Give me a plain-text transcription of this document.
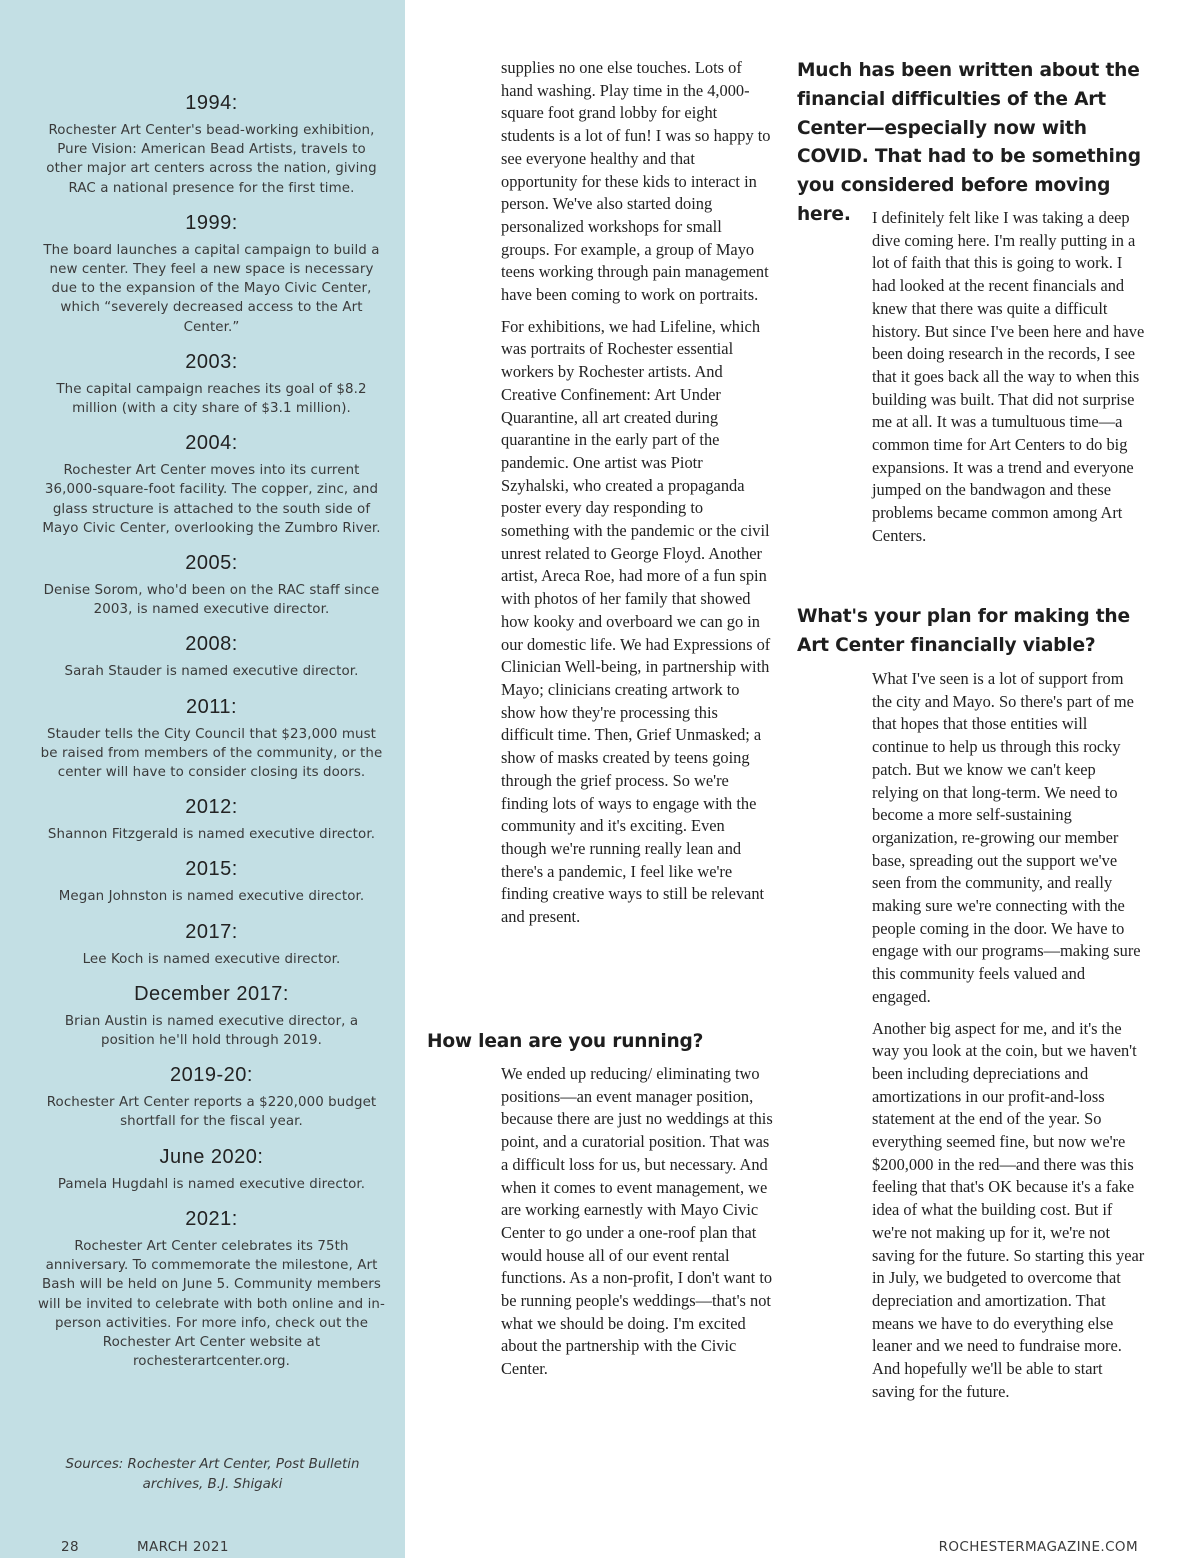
1994:
Rochester Art Center's bead-working exhibition, Pure Vision: American Bead Artists, travels to other major art centers across the nation, giving RAC a national presence for the first time.
1999:
The board launches a capital campaign to build a new center. They feel a new space is necessary due to the expansion of the Mayo Civic Center, which “severely decreased access to the Art Center.”
2003:
The capital campaign reaches its goal of $8.2 million (with a city share of $3.1 million).
2004:
Rochester Art Center moves into its current 36,000-square-foot facility. The copper, zinc, and glass structure is attached to the south side of Mayo Civic Center, overlooking the Zumbro River.
2005:
Denise Sorom, who'd been on the RAC staff since 2003, is named executive director.
2008:
Sarah Stauder is named executive director.
2011:
Stauder tells the City Council that $23,000 must be raised from members of the community, or the center will have to consider closing its doors.
2012:
Shannon Fitzgerald is named executive director.
2015:
Megan Johnston is named executive director.
2017:
Lee Koch is named executive director.
December 2017:
Brian Austin is named executive director, a position he'll hold through 2019.
2019-20:
Rochester Art Center reports a $220,000 budget shortfall for the fiscal year.
June 2020:
Pamela Hugdahl is named executive director.
2021:
Rochester Art Center celebrates its 75th anniversary. To commemorate the milestone, Art Bash will be held on June 5. Community members will be invited to celebrate with both online and in-person activities. For more info, check out the Rochester Art Center website at rochesterartcenter.org.
Sources: Rochester Art Center, Post Bulletin archives, B.J. Shigaki
28	MARCH 2021	ROCHESTERMAGAZINE.COM

supplies no one else touches. Lots of hand washing. Play time in the 4,000-square foot grand lobby for eight students is a lot of fun! I was so happy to see everyone healthy and that opportunity for these kids to interact in person. We've also started doing personalized workshops for small groups. For example, a group of Mayo teens working through pain management have been coming to work on portraits.

For exhibitions, we had Lifeline, which was portraits of Rochester essential workers by Rochester artists. And Creative Confinement: Art Under Quarantine, all art created during quarantine in the early part of the pandemic. One artist was Piotr Szyhalski, who created a propaganda poster every day responding to something with the pandemic or the civil unrest related to George Floyd. Another artist, Areca Roe, had more of a fun spin with photos of her family that showed how kooky and overboard we can go in our domestic life. We had Expressions of Clinician Well-being, in partnership with Mayo; clinicians creating artwork to show how they're processing this difficult time. Then, Grief Unmasked; a show of masks created by teens going through the grief process. So we're finding lots of ways to engage with the community and it's exciting. Even though we're running really lean and there's a pandemic, I feel like we're finding creative ways to still be relevant and present.

How lean are you running?

We ended up reducing/ eliminating two positions—an event manager position, because there are just no weddings at this point, and a curatorial position. That was a difficult loss for us, but necessary. And when it comes to event management, we are working earnestly with Mayo Civic Center to go under a one-roof plan that would house all of our event rental functions. As a non-profit, I don't want to be running people's weddings—that's not what we should be doing. I'm excited about the partnership with the Civic Center.

Much has been written about the financial difficulties of the Art Center—especially now with COVID. That had to be something you considered before moving here.	I definitely felt like I was taking a deep dive coming here. I'm really putting in a lot of faith that this is going to work. I had looked at the recent financials and knew that there was quite a difficult history. But since I've been here and have been doing research in the records, I see that it goes back all the way to when this building was built. That did not surprise me at all. It was a tumultuous time—a common time for Art Centers to do big expansions. It was a trend and everyone jumped on the bandwagon and these problems became common among Art Centers.

What's your plan for making the Art Center financially viable?

What I've seen is a lot of support from the city and Mayo. So there's part of me that hopes that those entities will continue to help us through this rocky patch. But we know we can't keep relying on that long-term. We need to become a more self-sustaining organization, re-growing our member base, spreading out the support we've seen from the community, and really making sure we're connecting with the people coming in the door. We have to engage with our programs—making sure this community feels valued and engaged.

Another big aspect for me, and it's the way you look at the coin, but we haven't been including depreciations and amortizations in our profit-and-loss statement at the end of the year. So everything seemed fine, but now we're $200,000 in the red—and there was this feeling that that's OK because it's a fake idea of what the building cost. But if we're not making up for it, we're not saving for the future. So starting this year in July, we budgeted to overcome that depreciation and amortization. That means we have to do everything else leaner and we need to fundraise more. And hopefully we'll be able to start saving for the future.
